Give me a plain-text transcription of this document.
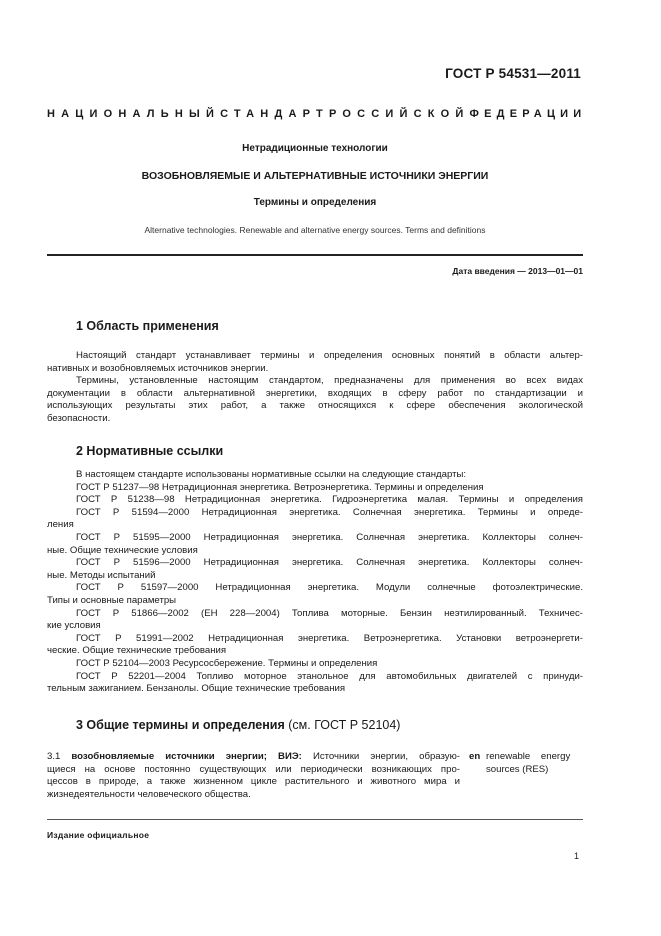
ГОСТ Р 54531—2011
НАЦИОНАЛЬНЫЙ СТАНДАРТ РОССИЙСКОЙ ФЕДЕРАЦИИ
Нетрадиционные технологии
ВОЗОБНОВЛЯЕМЫЕ И АЛЬТЕРНАТИВНЫЕ ИСТОЧНИКИ ЭНЕРГИИ
Термины и определения
Alternative technologies. Renewable and alternative energy sources. Terms and definitions
Дата введения — 2013—01—01
1 Область применения
Настоящий стандарт устанавливает термины и определения основных понятий в области альтер-
нативных и возобновляемых источников энергии.
Термины, установленные настоящим стандартом, предназначены для применения во всех видах
документации в области альтернативной энергетики, входящих в сферу работ по стандартизации и
использующих результаты этих работ, а также относящихся к сфере обеспечения экологической
безопасности.
2 Нормативные ссылки
В настоящем стандарте использованы нормативные ссылки на следующие стандарты:
ГОСТ Р 51237—98 Нетрадиционная энергетика. Ветроэнергетика. Термины и определения
ГОСТ Р 51238—98 Нетрадиционная энергетика. Гидроэнергетика малая. Термины и определения
ГОСТ Р 51594—2000 Нетрадиционная энергетика. Солнечная энергетика. Термины и опреде-
ления
ГОСТ Р 51595—2000 Нетрадиционная энергетика. Солнечная энергетика. Коллекторы солнеч-
ные. Общие технические условия
ГОСТ Р 51596—2000 Нетрадиционная энергетика. Солнечная энергетика. Коллекторы солнеч-
ные. Методы испытаний
ГОСТ Р 51597—2000 Нетрадиционная энергетика. Модули солнечные фотоэлектрические.
Типы и основные параметры
ГОСТ Р 51866—2002 (ЕН 228—2004) Топлива моторные. Бензин неэтилированный. Техничес-
кие условия
ГОСТ Р 51991—2002 Нетрадиционная энергетика. Ветроэнергетика. Установки ветроэнергети-
ческие. Общие технические требования
ГОСТ Р 52104—2003 Ресурсосбережение. Термины и определения
ГОСТ Р 52201—2004 Топливо моторное этанольное для автомобильных двигателей с принуди-
тельным зажиганием. Бензанолы. Общие технические требования
3 Общие термины и определения (см. ГОСТ Р 52104)
3.1 возобновляемые источники энергии; ВИЭ: Источники энергии, образую-
щиеся на основе постоянно существующих или периодически возникающих про-
цессов в природе, а также жизненном цикле растительного и животного мира и
жизнедеятельности человеческого общества.
en renewable    energy
sources (RES)
Издание официальное
1
